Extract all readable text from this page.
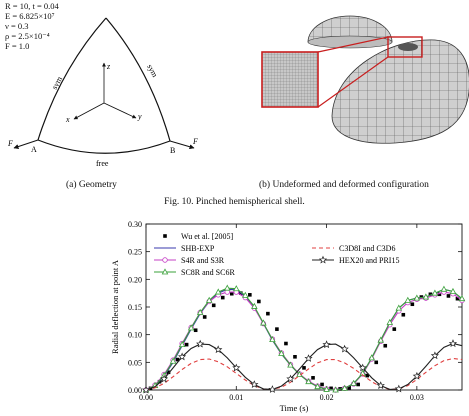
R = 10, t = 0.04
E = 6.825×10⁷
ν = 0.3
ρ = 2.5×10⁻⁴
F = 1.0
z
x	y
sym
sym
free
A	B
F	F
(a) Geometry	(b) Undeformed and deformed configuration
Fig. 10. Pinched hemispherical shell.
Wu et al. [2005]
SHB-EXP
S4R and S3R
SC8R and SC6R
C3D8I and C3D6
HEX20 and PRI15
0.00	0.01	0.02	0.03
0.00
0.05
0.10
0.15
0.20
0.25
0.30
Time (s)
Radial deflection at point A
